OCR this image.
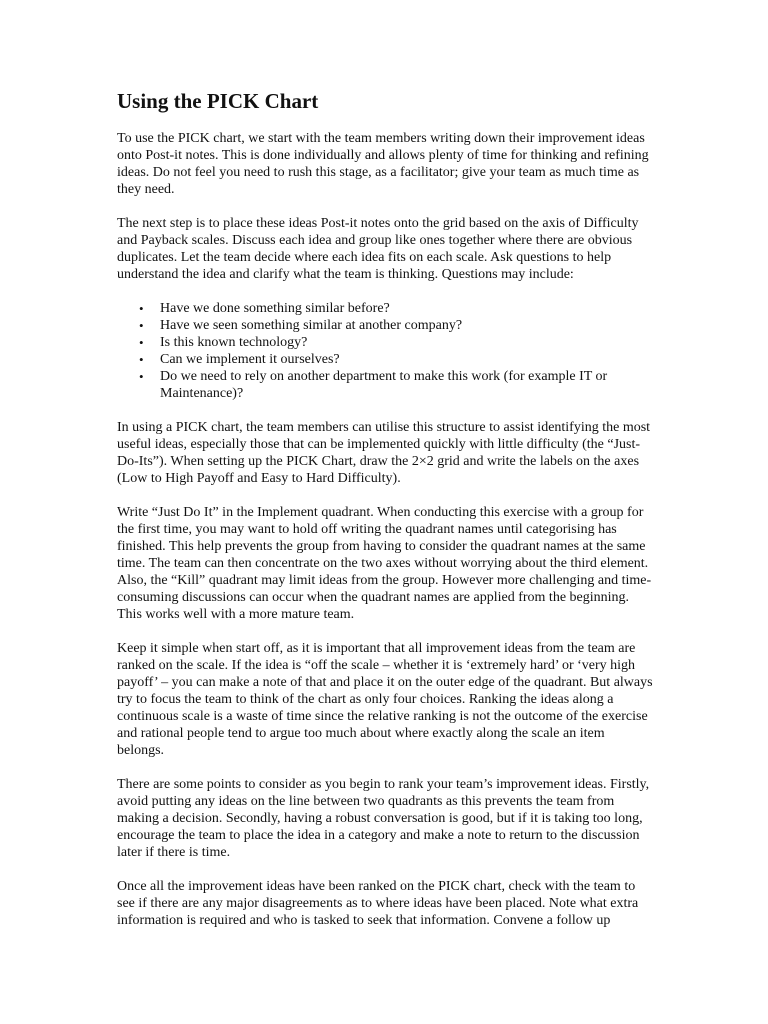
Using the PICK Chart

To use the PICK chart, we start with the team members writing down their improvement ideas onto Post-it notes. This is done individually and allows plenty of time for thinking and refining ideas. Do not feel you need to rush this stage, as a facilitator; give your team as much time as they need.

The next step is to place these ideas Post-it notes onto the grid based on the axis of Difficulty and Payback scales. Discuss each idea and group like ones together where there are obvious duplicates. Let the team decide where each idea fits on each scale. Ask questions to help understand the idea and clarify what the team is thinking. Questions may include:

• Have we done something similar before?
• Have we seen something similar at another company?
• Is this known technology?
• Can we implement it ourselves?
• Do we need to rely on another department to make this work (for example IT or Maintenance)?

In using a PICK chart, the team members can utilise this structure to assist identifying the most useful ideas, especially those that can be implemented quickly with little difficulty (the “Just-Do-Its”). When setting up the PICK Chart, draw the 2×2 grid and write the labels on the axes (Low to High Payoff and Easy to Hard Difficulty).

Write “Just Do It” in the Implement quadrant. When conducting this exercise with a group for the first time, you may want to hold off writing the quadrant names until categorising has finished. This help prevents the group from having to consider the quadrant names at the same time. The team can then concentrate on the two axes without worrying about the third element. Also, the “Kill” quadrant may limit ideas from the group. However more challenging and time-consuming discussions can occur when the quadrant names are applied from the beginning. This works well with a more mature team.

Keep it simple when start off, as it is important that all improvement ideas from the team are ranked on the scale. If the idea is “off the scale – whether it is ‘extremely hard’ or ‘very high payoff’ – you can make a note of that and place it on the outer edge of the quadrant. But always try to focus the team to think of the chart as only four choices. Ranking the ideas along a continuous scale is a waste of time since the relative ranking is not the outcome of the exercise and rational people tend to argue too much about where exactly along the scale an item belongs.

There are some points to consider as you begin to rank your team’s improvement ideas. Firstly, avoid putting any ideas on the line between two quadrants as this prevents the team from making a decision. Secondly, having a robust conversation is good, but if it is taking too long, encourage the team to place the idea in a category and make a note to return to the discussion later if there is time.

Once all the improvement ideas have been ranked on the PICK chart, check with the team to see if there are any major disagreements as to where ideas have been placed. Note what extra information is required and who is tasked to seek that information. Convene a follow up
